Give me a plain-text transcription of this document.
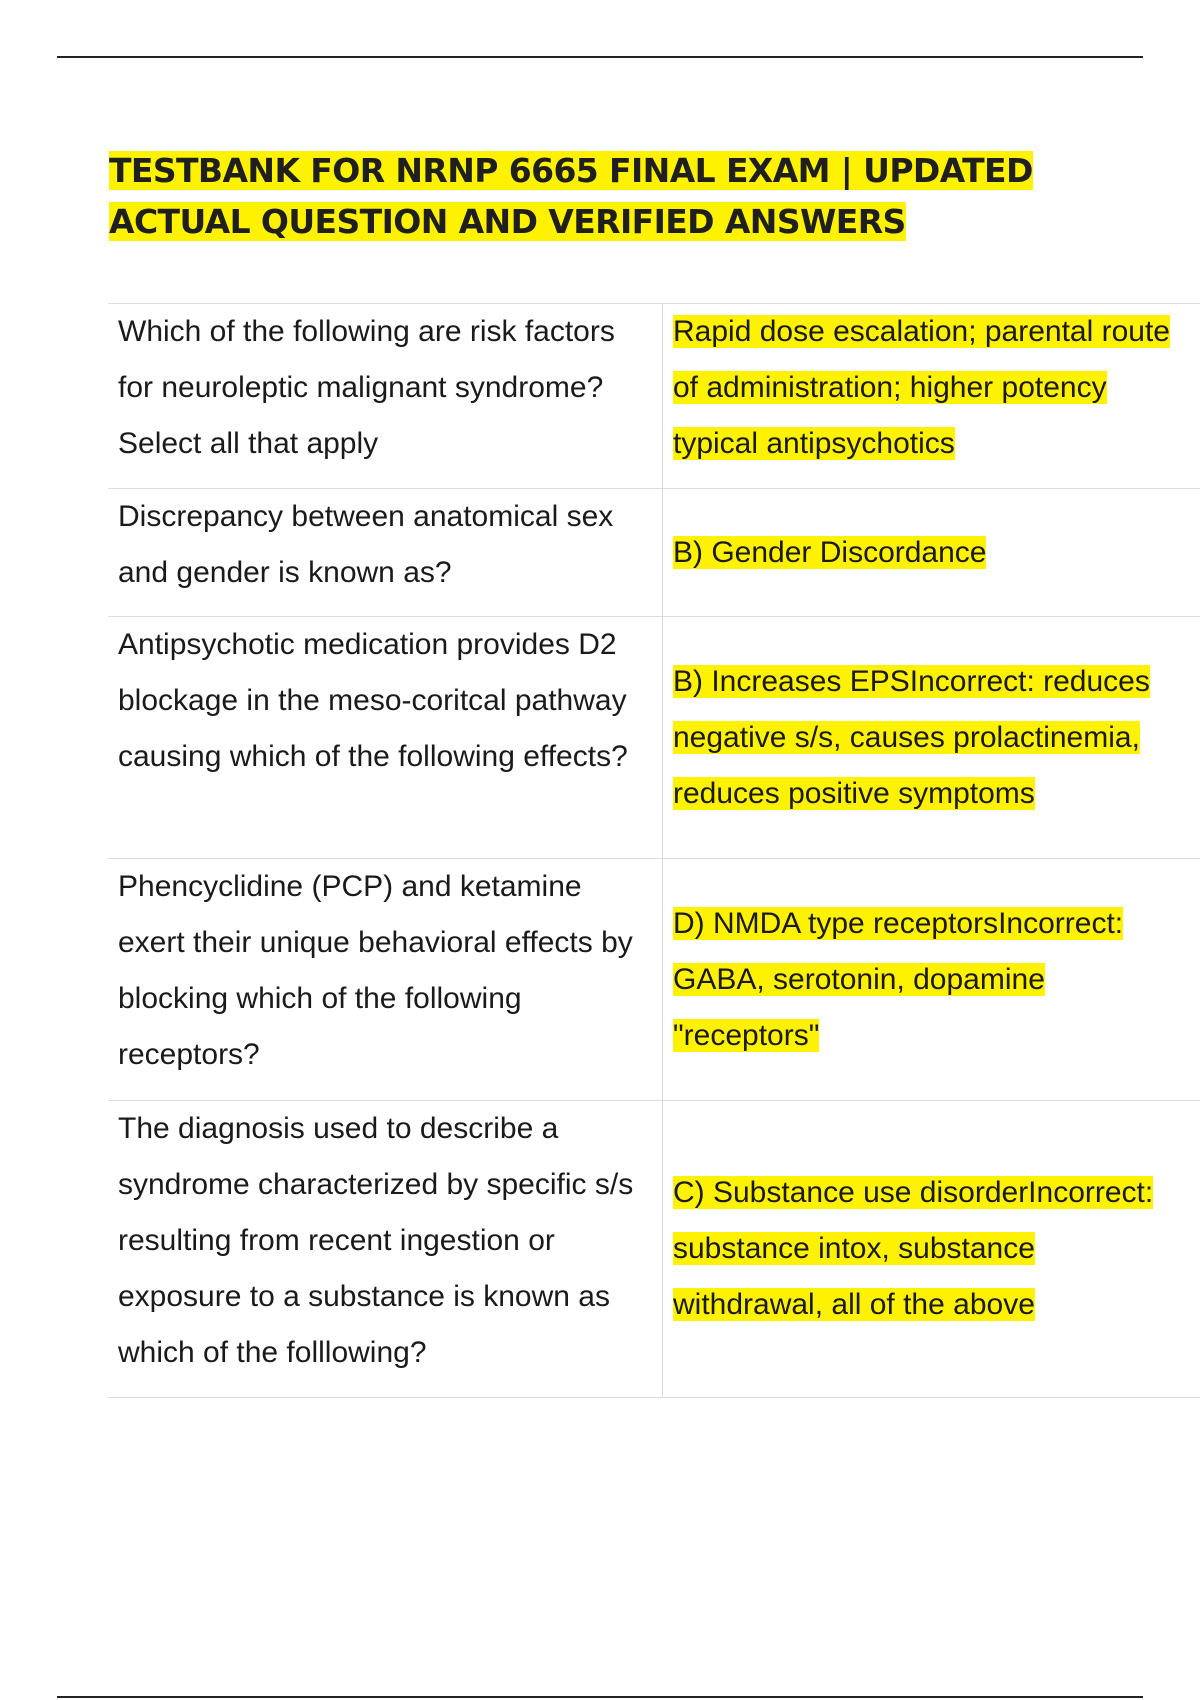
TESTBANK FOR NRNP 6665 FINAL EXAM | UPDATED
ACTUAL QUESTION AND VERIFIED ANSWERS
Which of the following are risk factors for neuroleptic malignant syndrome? Select all that apply	Rapid dose escalation; parental route of administration; higher potency typical antipsychotics
Discrepancy between anatomical sex and gender is known as?	B) Gender Discordance
Antipsychotic medication provides D2 blockage in the meso-coritcal pathway causing which of the following effects?	B) Increases EPSIncorrect: reduces negative s/s, causes prolactinemia, reduces positive symptoms
Phencyclidine (PCP) and ketamine exert their unique behavioral effects by blocking which of the following receptors?	D) NMDA type receptorsIncorrect: GABA, serotonin, dopamine "receptors"
The diagnosis used to describe a syndrome characterized by specific s/s resulting from recent ingestion or exposure to a substance is known as which of the folllowing?	C) Substance use disorderIncorrect: substance intox, substance withdrawal, all of the above
